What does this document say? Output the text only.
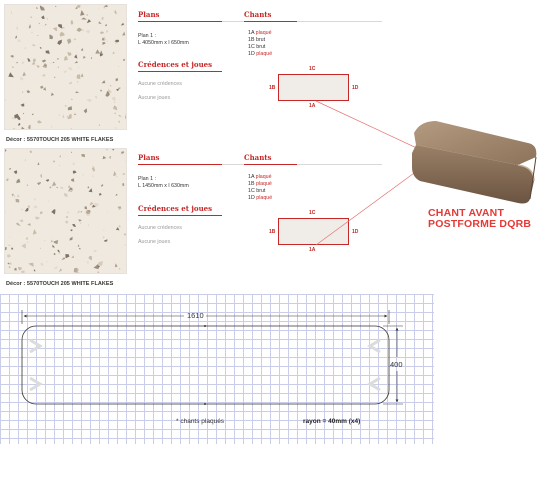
Décor : 5570TOUCH 205 WHITE FLAKES
Plans
Plan 1 :
L 4050mm x l 650mm
Crédences et joues
Aucune crédences
Aucune joues
Chants
1A plaqué
1B brut
1C brut
1D plaqué
1C
1B	1D
1A
Décor : 5570TOUCH 205 WHITE FLAKES
Plans
Plan 1 :
L 1450mm x l 630mm
Crédences et joues
Aucune crédences
Aucune joues
Chants
1A plaqué
1B plaqué
1C brut
1D plaqué
1C
1B	1D
1A
CHANT AVANT
POSTFORME DQRB
1610
400
* chants plaqués	rayon = 40mm (x4)
